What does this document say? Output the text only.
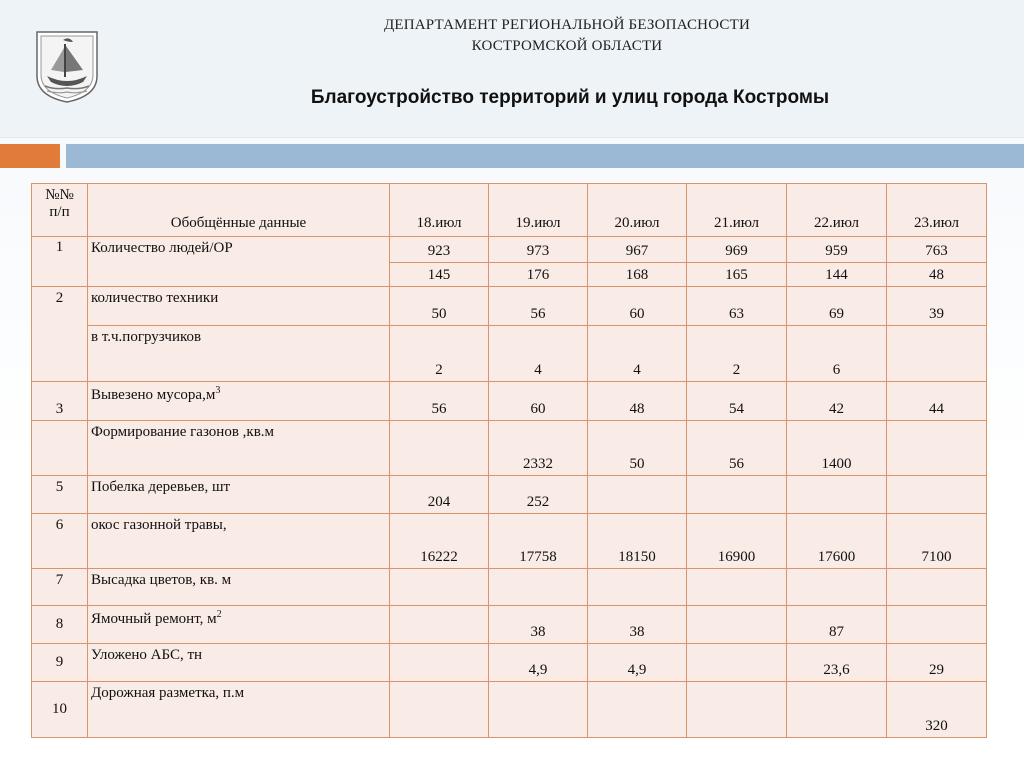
ДЕПАРТАМЕНТ РЕГИОНАЛЬНОЙ БЕЗОПАСНОСТИ
КОСТРОМСКОЙ ОБЛАСТИ
Благоустройство территорий и улиц города Костромы
№№
п/п	Обобщённые данные	18.июл	19.июл	20.июл	21.июл	22.июл	23.июл
1	Количество людей/ОР	923	973	967	969	959	763
		145	176	168	165	144	48
2	количество техники	50	56	60	63	69	39
	в т.ч.погрузчиков	2	4	4	2	6	
3	Вывезено $мусора,м^3$	56	60	48	54	42	44
	Формирование газонов ,кв.м		2332	50	56	1400	
5	Побелка деревьев, шт	204	252				
6	окос газонной травы,	16222	17758	18150	16900	17600	7100
7	Высадка цветов, кв. м						
8	Ямочный ремонт, $м^2$		38	38		87	
9	Уложено АБС, тн		4,9	4,9		23,6	29
10	Дорожная разметка, п.м						320
